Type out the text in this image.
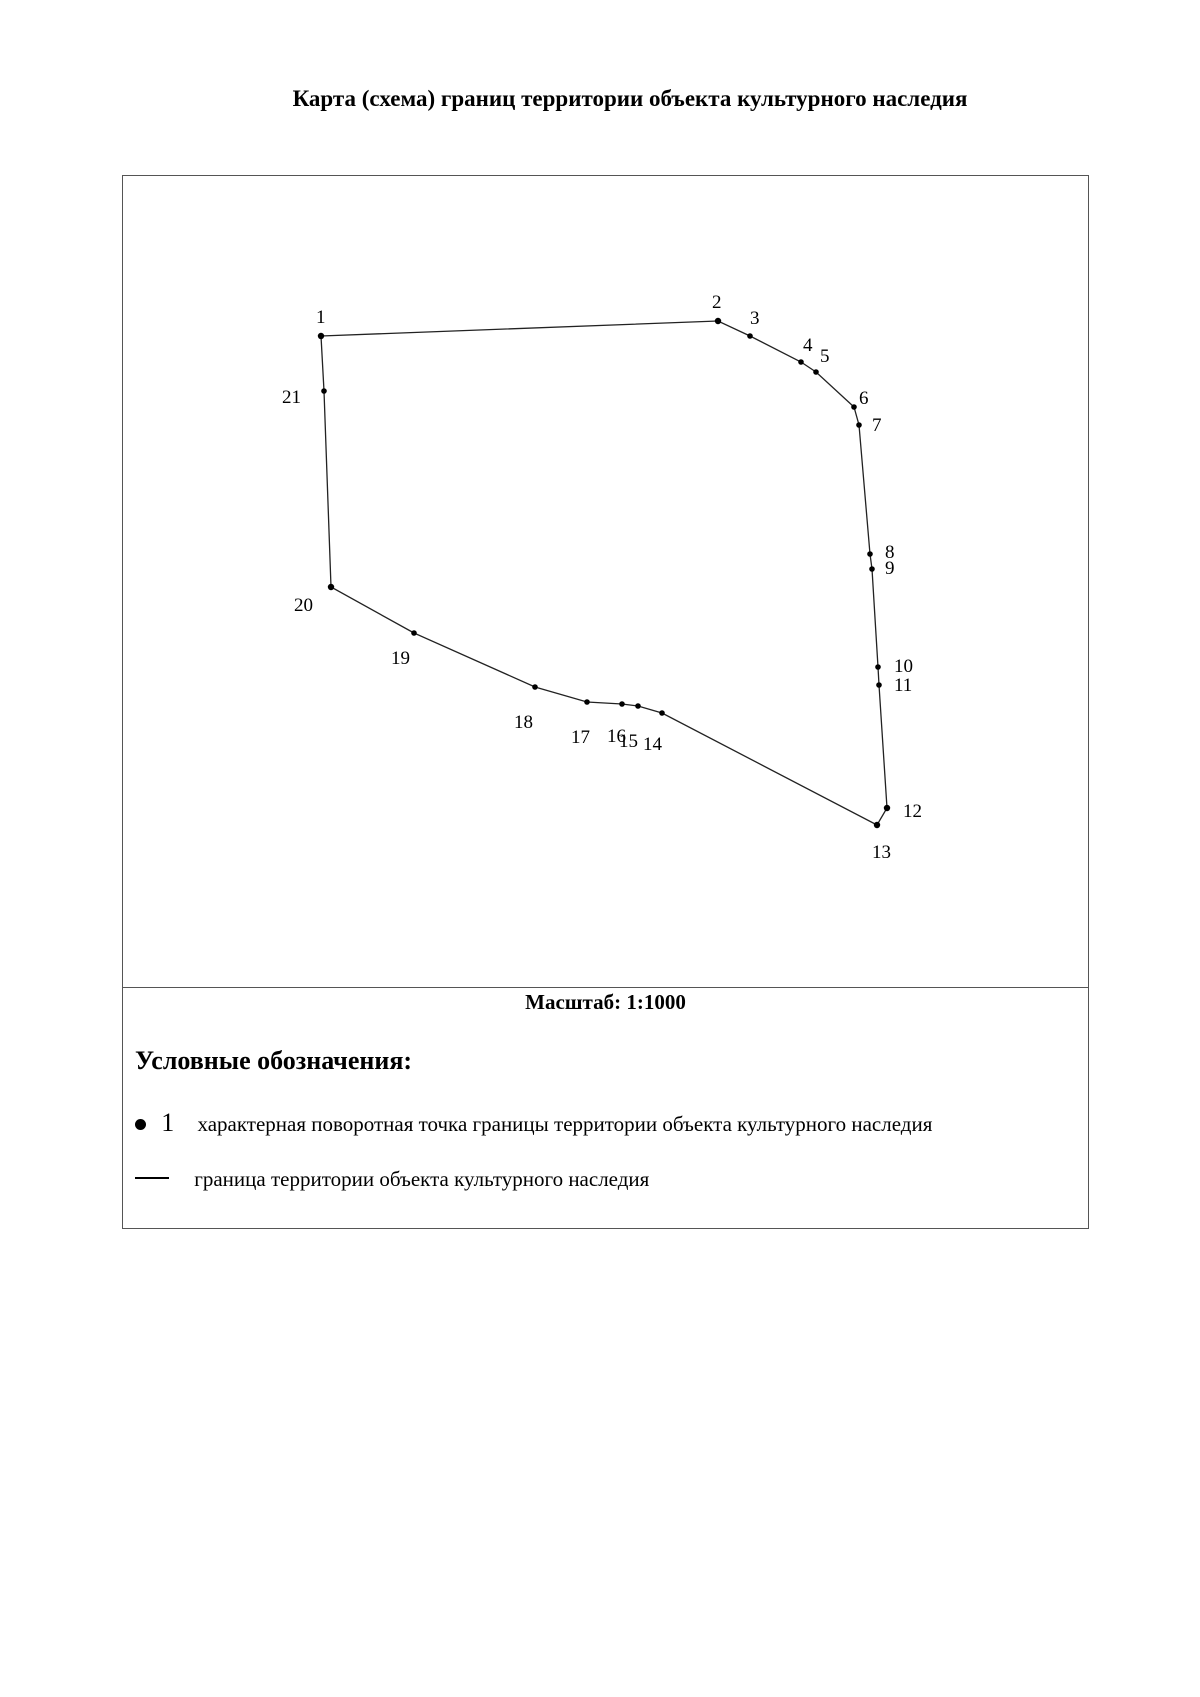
Карта (схема) границ территории объекта культурного наследия
1
2
3
4
5
6
7
8
9
10
11
12
13
14
15
16
17
18
19
20
21
Масштаб: 1:1000
Условные обозначения:
1 характерная поворотная точка границы территории объекта культурного наследия
граница территории объекта культурного наследия
